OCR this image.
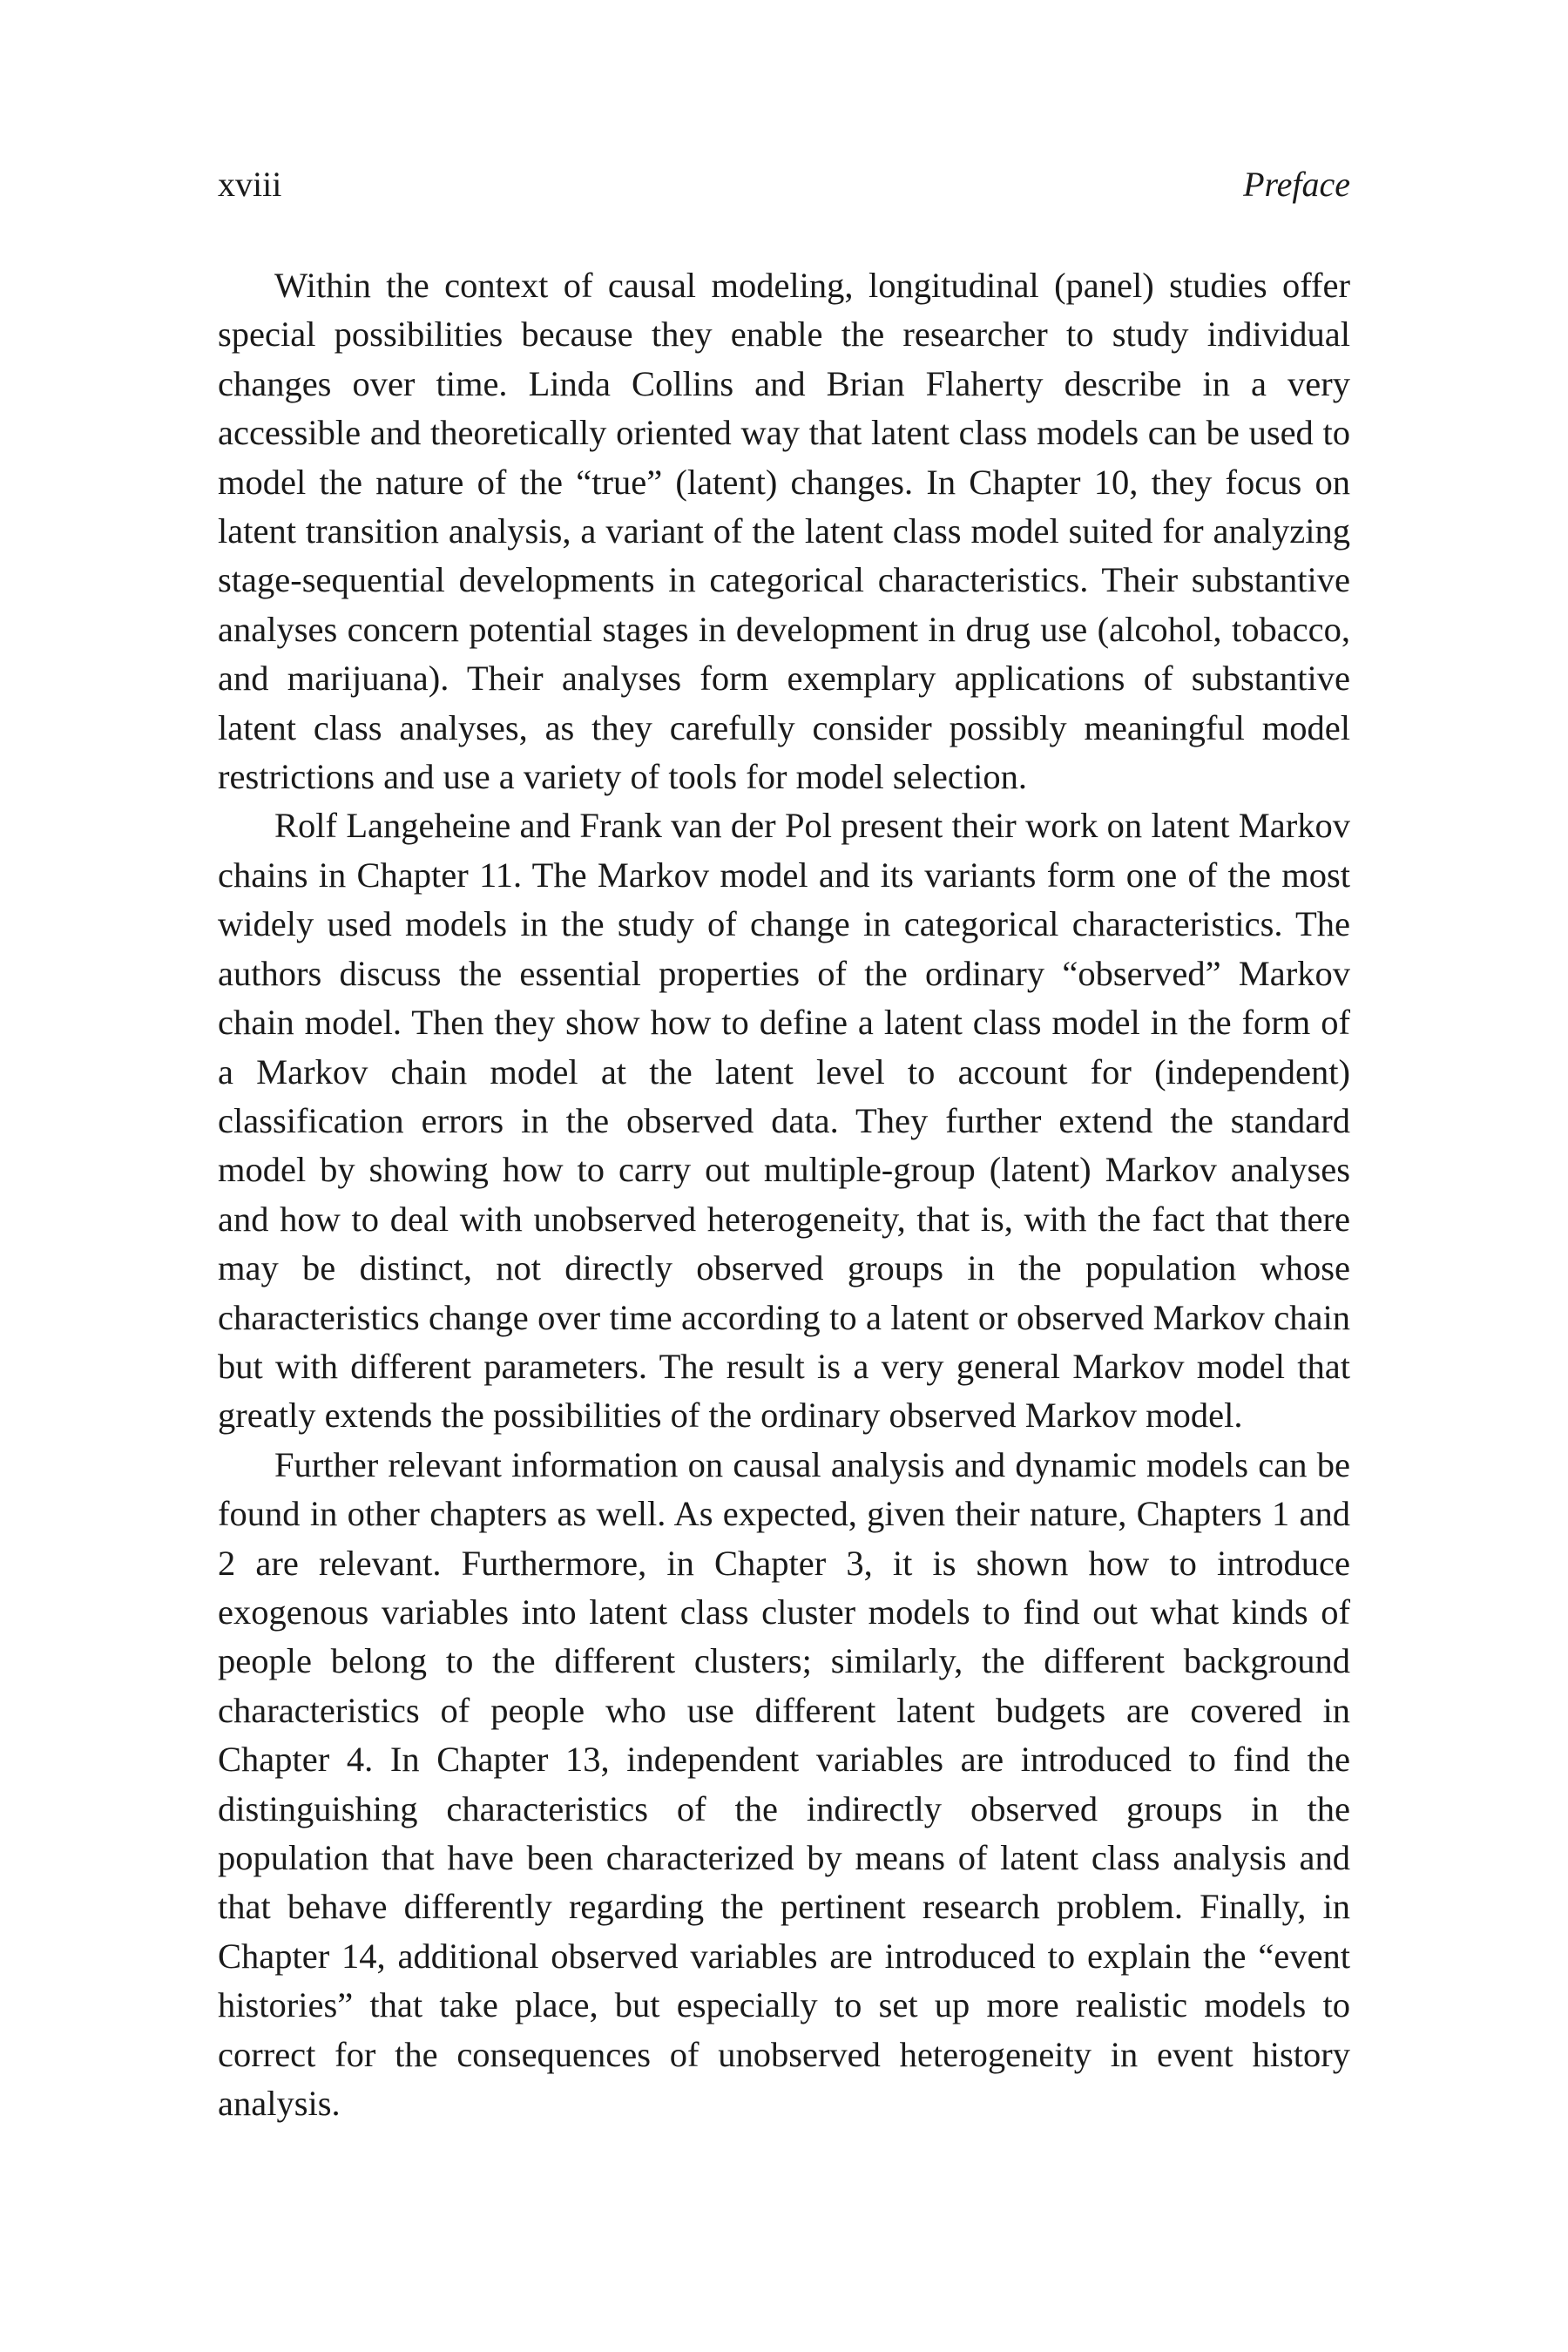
xviii	Preface

Within the context of causal modeling, longitudinal (panel) studies offer special possibilities because they enable the researcher to study individual changes over time. Linda Collins and Brian Flaherty describe in a very accessible and theoretically oriented way that latent class models can be used to model the nature of the “true” (latent) changes. In Chapter 10, they focus on latent transition analysis, a variant of the latent class model suited for analyzing stage-sequential developments in categorical characteristics. Their substantive analyses concern potential stages in development in drug use (alcohol, tobacco, and marijuana). Their analyses form exemplary applications of substantive latent class analyses, as they carefully consider possibly meaningful model restrictions and use a variety of tools for model selection.

Rolf Langeheine and Frank van der Pol present their work on latent Markov chains in Chapter 11. The Markov model and its variants form one of the most widely used models in the study of change in categorical characteristics. The authors discuss the essential properties of the ordinary “observed” Markov chain model. Then they show how to define a latent class model in the form of a Markov chain model at the latent level to account for (independent) classification errors in the observed data. They further extend the standard model by showing how to carry out multiple-group (latent) Markov analyses and how to deal with unobserved heterogeneity, that is, with the fact that there may be distinct, not directly observed groups in the population whose characteristics change over time according to a latent or observed Markov chain but with different parameters. The result is a very general Markov model that greatly extends the possibilities of the ordinary observed Markov model.

Further relevant information on causal analysis and dynamic models can be found in other chapters as well. As expected, given their nature, Chapters 1 and 2 are relevant. Furthermore, in Chapter 3, it is shown how to introduce exogenous variables into latent class cluster models to find out what kinds of people belong to the different clusters; similarly, the different background characteristics of people who use different latent budgets are covered in Chapter 4. In Chapter 13, independent variables are introduced to find the distinguishing characteristics of the indirectly observed groups in the population that have been characterized by means of latent class analysis and that behave differently regarding the pertinent research problem. Finally, in Chapter 14, additional observed variables are introduced to explain the “event histories” that take place, but especially to set up more realistic models to correct for the consequences of unobserved heterogeneity in event history analysis.
